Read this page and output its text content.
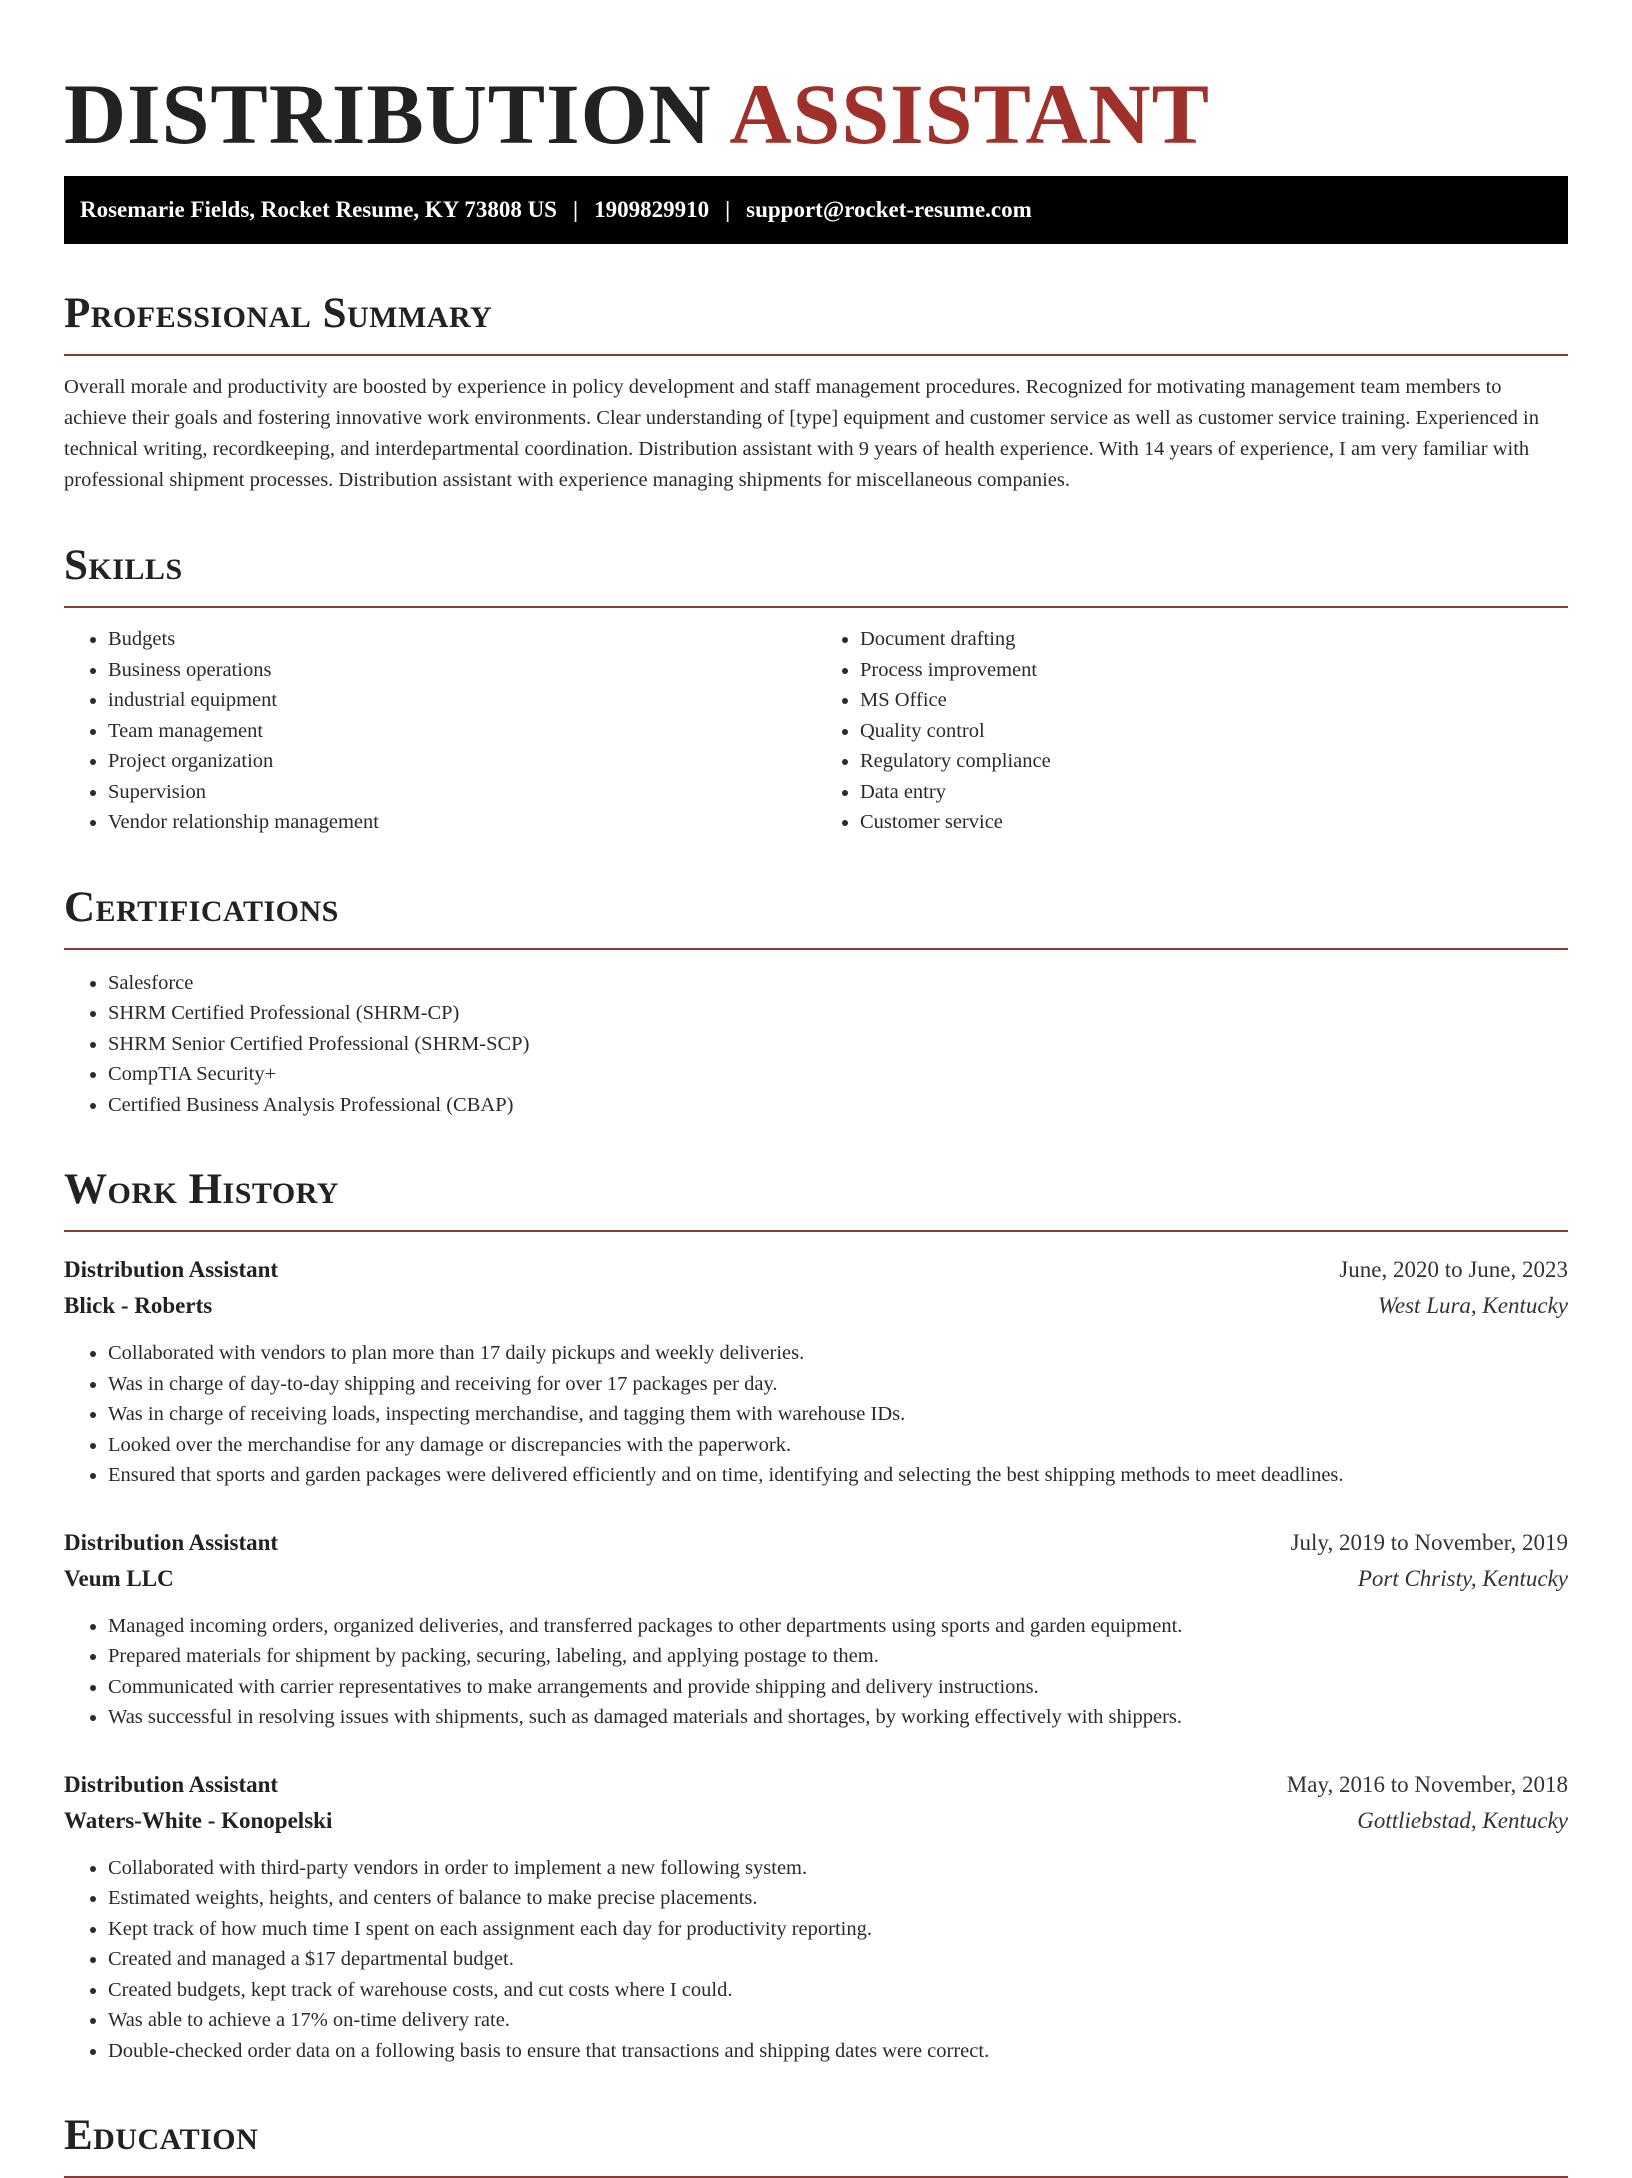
DISTRIBUTION ASSISTANT
Rosemarie Fields, Rocket Resume, KY 73808 US | 1909829910 | support@rocket-resume.com
Professional Summary

Overall morale and productivity are boosted by experience in policy development and staff management procedures. Recognized for motivating management team members to achieve their goals and fostering innovative work environments. Clear understanding of [type] equipment and customer service as well as customer service training. Experienced in technical writing, recordkeeping, and interdepartmental coordination. Distribution assistant with 9 years of health experience. With 14 years of experience, I am very familiar with professional shipment processes. Distribution assistant with experience managing shipments for miscellaneous companies.

Skills
• Budgets
• Business operations
• industrial equipment
• Team management
• Project organization
• Supervision
• Vendor relationship management
• Document drafting
• Process improvement
• MS Office
• Quality control
• Regulatory compliance
• Data entry
• Customer service
Certifications
• Salesforce
• SHRM Certified Professional (SHRM-CP)
• SHRM Senior Certified Professional (SHRM-SCP)
• CompTIA Security+
• Certified Business Analysis Professional (CBAP)
Work History
Distribution Assistant	June, 2020 to June, 2023
Blick - Roberts	West Lura, Kentucky
• Collaborated with vendors to plan more than 17 daily pickups and weekly deliveries.
• Was in charge of day-to-day shipping and receiving for over 17 packages per day.
• Was in charge of receiving loads, inspecting merchandise, and tagging them with warehouse IDs.
• Looked over the merchandise for any damage or discrepancies with the paperwork.
• Ensured that sports and garden packages were delivered efficiently and on time, identifying and selecting the best shipping methods to meet deadlines.
Distribution Assistant	July, 2019 to November, 2019
Veum LLC	Port Christy, Kentucky
• Managed incoming orders, organized deliveries, and transferred packages to other departments using sports and garden equipment.
• Prepared materials for shipment by packing, securing, labeling, and applying postage to them.
• Communicated with carrier representatives to make arrangements and provide shipping and delivery instructions.
• Was successful in resolving issues with shipments, such as damaged materials and shortages, by working effectively with shippers.
Distribution Assistant	May, 2016 to November, 2018
Waters-White - Konopelski	Gottliebstad, Kentucky
• Collaborated with third-party vendors in order to implement a new following system.
• Estimated weights, heights, and centers of balance to make precise placements.
• Kept track of how much time I spent on each assignment each day for productivity reporting.
• Created and managed a $17 departmental budget.
• Created budgets, kept track of warehouse costs, and cut costs where I could.
• Was able to achieve a 17% on-time delivery rate.
• Double-checked order data on a following basis to ensure that transactions and shipping dates were correct.
Education
